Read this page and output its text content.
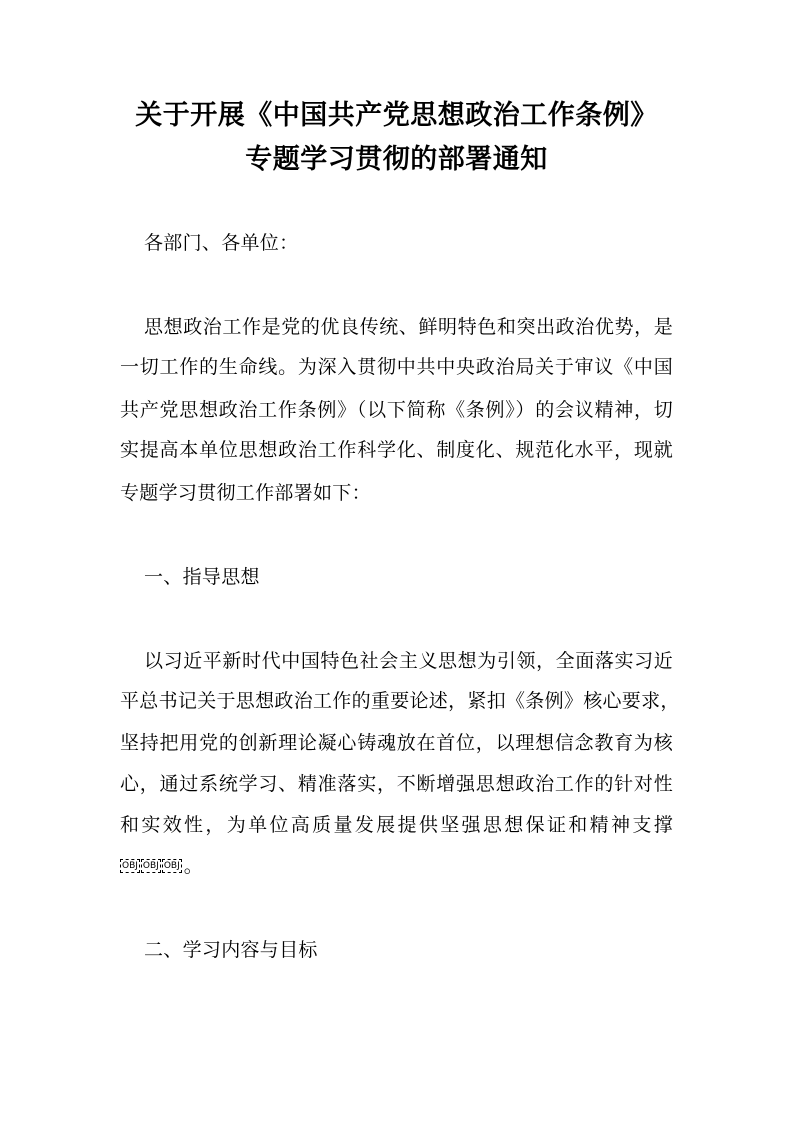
关于开展《中国共产党思想政治工作条例》
专题学习贯彻的部署通知
各部门、各单位：
思想政治工作是党的优良传统、鲜明特色和突出政治优势，是
一切工作的生命线。为深入贯彻中共中央政治局关于审议《中国
共产党思想政治工作条例》（以下简称《条例》）的会议精神，切
实提高本单位思想政治工作科学化、制度化、规范化水平，现就
专题学习贯彻工作部署如下：
一、指导思想
以习近平新时代中国特色社会主义思想为引领，全面落实习近
平总书记关于思想政治工作的重要论述，紧扣《条例》核心要求，
坚持把用党的创新理论凝心铸魂放在首位，以理想信念教育为核
心，通过系统学习、精准落实，不断增强思想政治工作的针对性
和实效性，为单位高质量发展提供坚强思想保证和精神支撑
OBJ OBJ OBJ 。
二、学习内容与目标
